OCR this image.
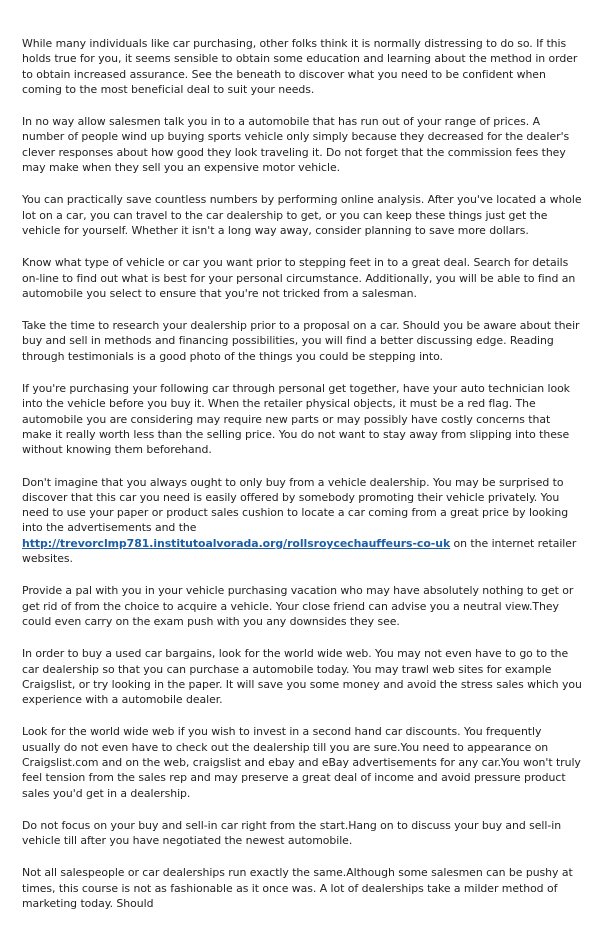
While many individuals like car purchasing, other folks think it is normally distressing to do so. If this holds true for you, it seems sensible to obtain some education and learning about the method in order to obtain increased assurance. See the beneath to discover what you need to be confident when coming to the most beneficial deal to suit your needs.

In no way allow salesmen talk you in to a automobile that has run out of your range of prices. A number of people wind up buying sports vehicle only simply because they decreased for the dealer's clever responses about how good they look traveling it. Do not forget that the commission fees they may make when they sell you an expensive motor vehicle.

You can practically save countless numbers by performing online analysis. After you've located a whole lot on a car, you can travel to the car dealership to get, or you can keep these things just get the vehicle for yourself. Whether it isn't a long way away, consider planning to save more dollars.

Know what type of vehicle or car you want prior to stepping feet in to a great deal. Search for details on-line to find out what is best for your personal circumstance. Additionally, you will be able to find an automobile you select to ensure that you're not tricked from a salesman.

Take the time to research your dealership prior to a proposal on a car. Should you be aware about their buy and sell in methods and financing possibilities, you will find a better discussing edge. Reading through testimonials is a good photo of the things you could be stepping into.

If you're purchasing your following car through personal get together, have your auto technician look into the vehicle before you buy it. When the retailer physical objects, it must be a red flag. The automobile you are considering may require new parts or may possibly have costly concerns that make it really worth less than the selling price. You do not want to stay away from slipping into these without knowing them beforehand.

Don't imagine that you always ought to only buy from a vehicle dealership. You may be surprised to discover that this car you need is easily offered by somebody promoting their vehicle privately. You need to use your paper or product sales cushion to locate a car coming from a great price by looking into the advertisements and the http://trevorclmp781.institutoalvorada.org/rollsroycechauffeurs-co-uk on the internet retailer websites.

Provide a pal with you in your vehicle purchasing vacation who may have absolutely nothing to get or get rid of from the choice to acquire a vehicle. Your close friend can advise you a neutral view.They could even carry on the exam push with you any downsides they see.

In order to buy a used car bargains, look for the world wide web. You may not even have to go to the car dealership so that you can purchase a automobile today. You may trawl web sites for example Craigslist, or try looking in the paper. It will save you some money and avoid the stress sales which you experience with a automobile dealer.

Look for the world wide web if you wish to invest in a second hand car discounts. You frequently usually do not even have to check out the dealership till you are sure.You need to appearance on Craigslist.com and on the web, craigslist and ebay and eBay advertisements for any car.You won't truly feel tension from the sales rep and may preserve a great deal of income and avoid pressure product sales you'd get in a dealership.

Do not focus on your buy and sell-in car right from the start.Hang on to discuss your buy and sell-in vehicle till after you have negotiated the newest automobile.

Not all salespeople or car dealerships run exactly the same.Although some salesmen can be pushy at times, this course is not as fashionable as it once was. A lot of dealerships take a milder method of marketing today. Should
